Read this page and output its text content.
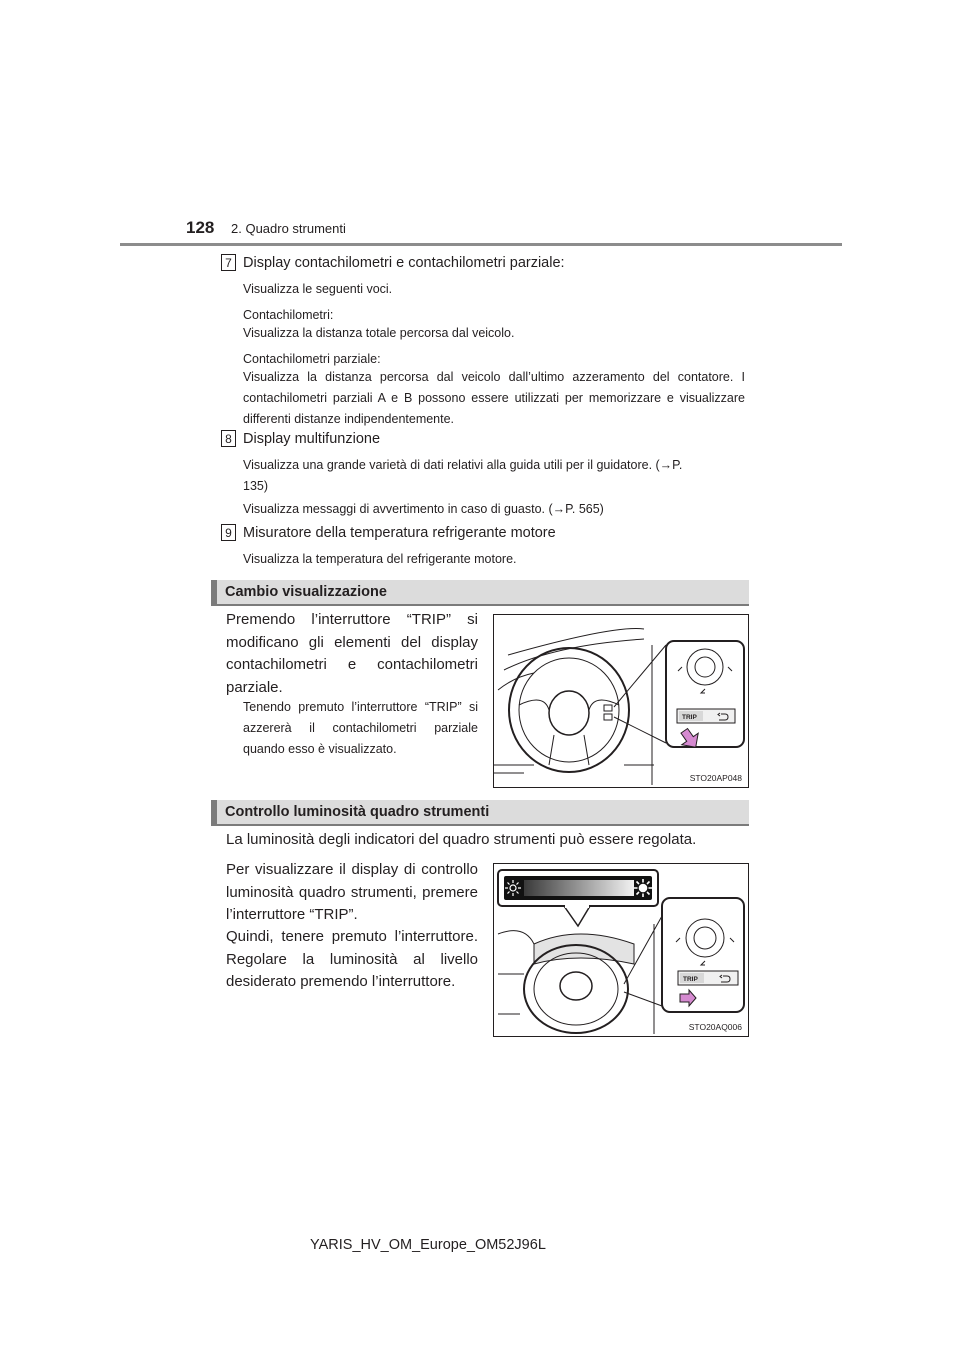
128 2. Quadro strumenti
7 Display contachilometri e contachilometri parziale:
Visualizza le seguenti voci.
Contachilometri:
Visualizza la distanza totale percorsa dal veicolo.
Contachilometri parziale:
Visualizza la distanza percorsa dal veicolo dall’ultimo azzeramento del contatore. I contachilometri parziali A e B possono essere utilizzati per memorizzare e visualizzare differenti distanze indipendentemente.
8 Display multifunzione
Visualizza una grande varietà di dati relativi alla guida utili per il guidatore. (→P. 135)
Visualizza messaggi di avvertimento in caso di guasto. (→P. 565)
9 Misuratore della temperatura refrigerante motore
Visualizza la temperatura del refrigerante motore.
Cambio visualizzazione
Premendo l’interruttore “TRIP” si modificano gli elementi del display contachilometri e contachilometri parziale.
Tenendo premuto l’interruttore “TRIP” si azzererà il contachilometri parziale quando esso è visualizzato.
TRIP
STO20AP048
Controllo luminosità quadro strumenti
La luminosità degli indicatori del quadro strumenti può essere regolata.
Per visualizzare il display di controllo luminosità quadro strumenti, premere l’interruttore “TRIP”.
Quindi, tenere premuto l’interruttore. Regolare la luminosità al livello desiderato premendo l’interruttore.	TRIP
STO20AQ006
YARIS_HV_OM_Europe_OM52J96L
